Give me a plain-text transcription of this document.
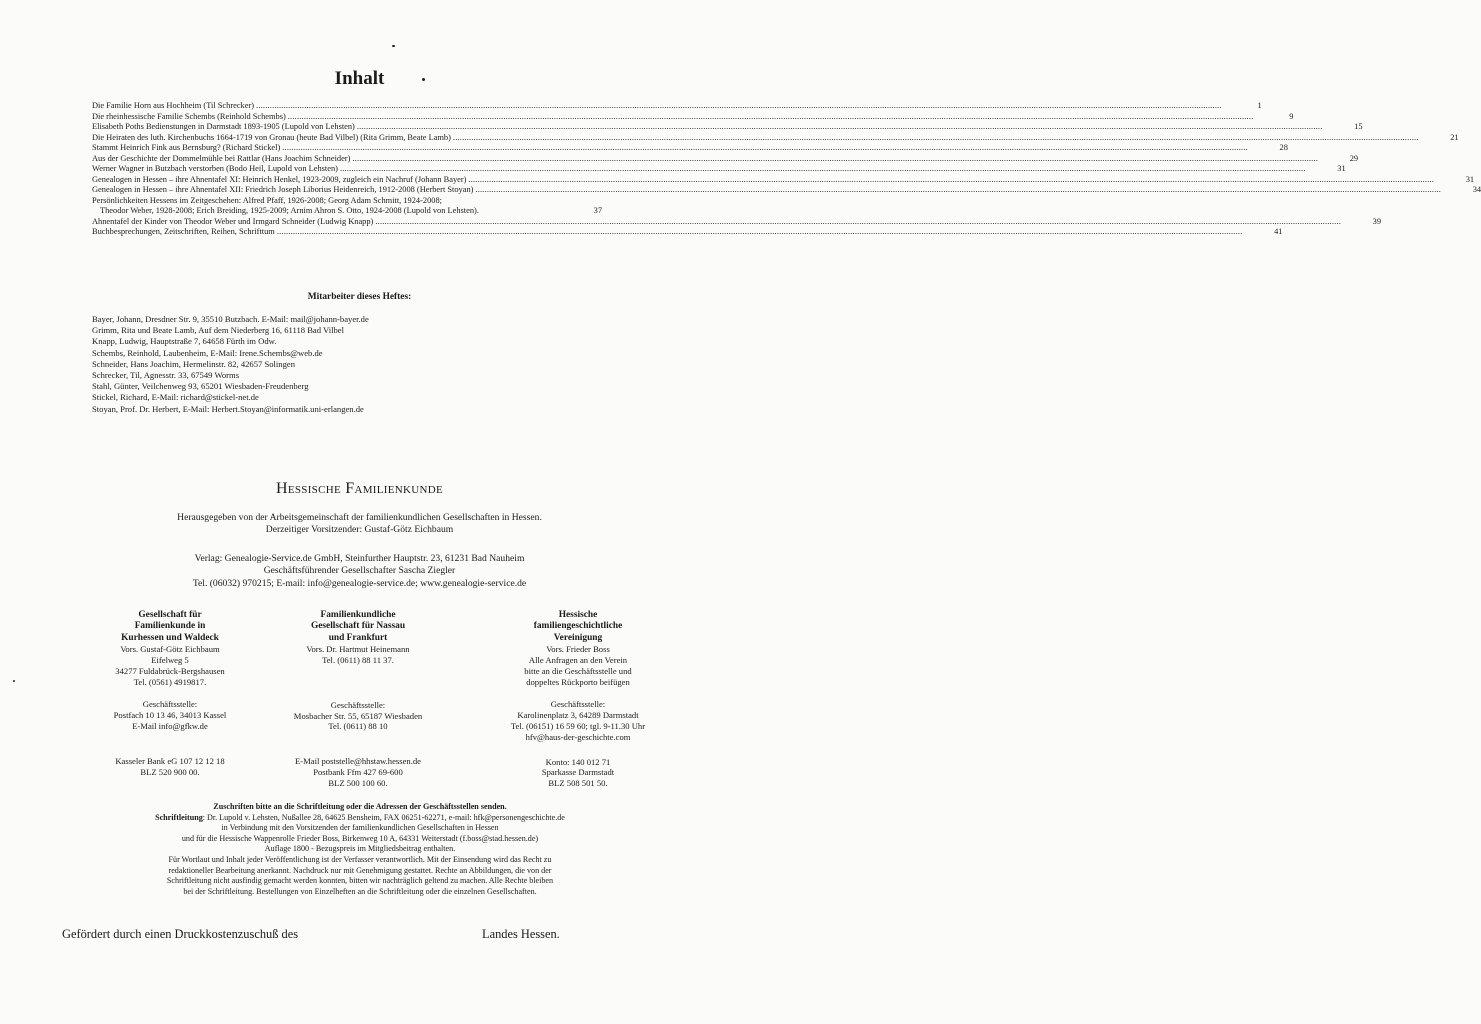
Inhalt
Die Familie Horn aus Hochheim (Til Schrecker) .....	1
Die rheinhessische Familie Schembs (Reinhold Schembs) .....	9
Elisabeth Poths Bedienstungen in Darmstadt 1893-1905 (Lupold von Lehsten) .....	15
Die Heiraten des luth. Kirchenbuchs 1664-1719 von Gronau (heute Bad Vilbel) (Rita Grimm, Beate Lamb) .....	21
Stammt Heinrich Fink aus Bernsburg? (Richard Stickel) .....	28
Aus der Geschichte der Dommelmühle bei Rattlar (Hans Joachim Schneider) .....	29
Werner Wagner in Butzbach verstorben (Bodo Heil, Lupold von Lehsten) .....	31
Genealogen in Hessen – ihre Ahnentafel XI: Heinrich Henkel, 1923-2009, zugleich ein Nachruf (Johann Bayer) .....	31
Genealogen in Hessen – ihre Ahnentafel XII: Friedrich Joseph Liborius Heidenreich, 1912-2008 (Herbert Stoyan) .....	34
Persönlichkeiten Hessens im Zeitgeschehen: Alfred Pfaff, 1926-2008; Georg Adam Schmitt, 1924-2008;
Theodor Weber, 1928-2008; Erich Breiding, 1925-2009; Arnim Ahron S. Otto, 1924-2008 (Lupold von Lehsten).	37
Ahnentafel der Kinder von Theodor Weber und Irmgard Schneider (Ludwig Knapp) .....	39
Buchbesprechungen, Zeitschriften, Reihen, Schrifttum .....	41
Mitarbeiter dieses Heftes:
Bayer, Johann, Dresdner Str. 9, 35510 Butzbach. E-Mail: mail@johann-bayer.de
Grimm, Rita und Beate Lamb, Auf dem Niederberg 16, 61118 Bad Vilbel
Knapp, Ludwig, Hauptstraße 7, 64658 Fürth im Odw.
Schembs, Reinhold, Laubenheim, E-Mail: Irene.Schembs@web.de
Schneider, Hans Joachim, Hermelinstr. 82, 42657 Solingen
Schrecker, Til, Agnesstr. 33, 67549 Worms
Stahl, Günter, Veilchenweg 93, 65201 Wiesbaden-Freudenberg
Stickel, Richard, E-Mail: richard@stickel-net.de
Stoyan, Prof. Dr. Herbert, E-Mail: Herbert.Stoyan@informatik.uni-erlangen.de
Hessische Familienkunde
Herausgegeben von der Arbeitsgemeinschaft der familienkundlichen Gesellschaften in Hessen.
Derzeitiger Vorsitzender: Gustaf-Götz Eichbaum
Verlag: Genealogie-Service.de GmbH, Steinfurther Hauptstr. 23, 61231 Bad Nauheim
Geschäftsführender Gesellschafter Sascha Ziegler
Tel. (06032) 970215; E-mail: info@genealogie-service.de; www.genealogie-service.de
Gesellschaft für
Familienkunde in
Kurhessen und Waldeck
Vors. Gustaf-Götz Eichbaum
Eifelweg 5
34277 Fuldabrück-Bergshausen
Tel. (0561) 4919817.
Geschäftsstelle:
Postfach 10 13 46, 34013 Kassel
E-Mail info@gfkw.de
Kasseler Bank eG 107 12 12 18
BLZ 520 900 00.
Familienkundliche
Gesellschaft für Nassau
und Frankfurt
Vors. Dr. Hartmut Heinemann
Tel. (0611) 88 11 37.
Geschäftsstelle:
Mosbacher Str. 55, 65187 Wiesbaden
Tel. (0611) 88 10
E-Mail poststelle@hhstaw.hessen.de
Postbank Ffm 427 69-600
BLZ 500 100 60.
Hessische
familiengeschichtliche
Vereinigung
Vors. Frieder Boss
Alle Anfragen an den Verein
bitte an die Geschäftsstelle und
doppeltes Rückporto beifügen
Geschäftsstelle:
Karolinenplatz 3, 64289 Darmstadt
Tel. (06151) 16 59 60; tgl. 9-11.30 Uhr
hfv@haus-der-geschichte.com
Konto: 140 012 71
Sparkasse Darmstadt
BLZ 508 501 50.
Zuschriften bitte an die Schriftleitung oder die Adressen der Geschäftsstellen senden.
Schriftleitung: Dr. Lupold v. Lehsten, Nußallee 28, 64625 Bensheim, FAX 06251-62271, e-mail: hfk@personengeschichte.de
in Verbindung mit den Vorsitzenden der familienkundlichen Gesellschaften in Hessen
und für die Hessische Wappenrolle Frieder Boss, Birkenweg 10 A, 64331 Weiterstadt (f.boss@stad.hessen.de)
Auflage 1800 - Bezugspreis im Mitgliedsbeitrag enthalten.
Für Wortlaut und Inhalt jeder Veröffentlichung ist der Verfasser verantwortlich. Mit der Einsendung wird das Recht zu
redaktioneller Bearbeitung anerkannt. Nachdruck nur mit Genehmigung gestattet. Rechte an Abbildungen, die von der
Schriftleitung nicht ausfindig gemacht werden konnten, bitten wir nachträglich geltend zu machen. Alle Rechte bleiben
bei der Schriftleitung. Bestellungen von Einzelheften an die Schriftleitung oder die einzelnen Gesellschaften.
Gefördert durch einen Druckkostenzuschuß des	Landes Hessen.
